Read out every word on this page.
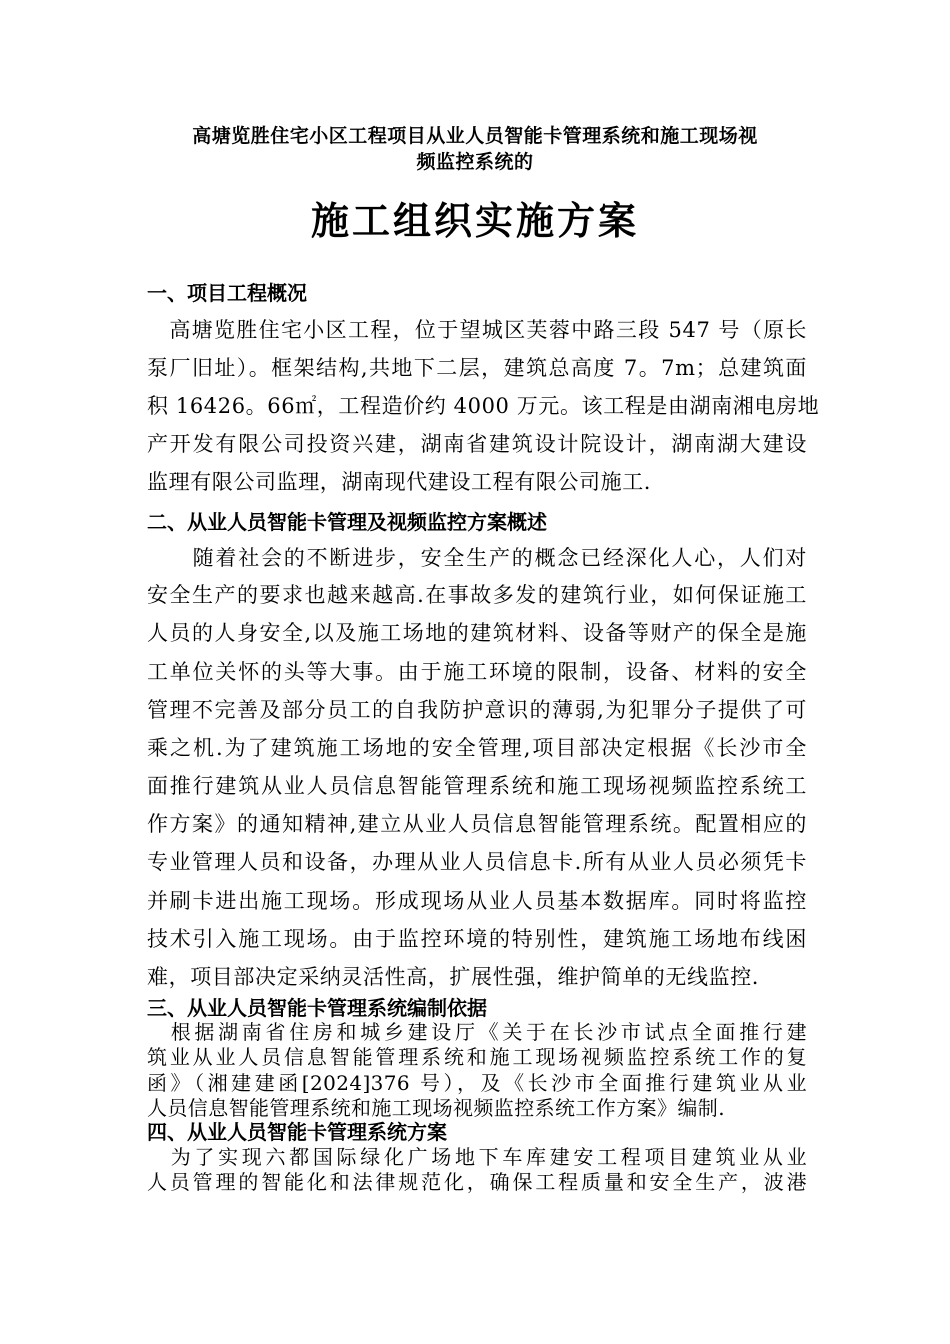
高塘览胜住宅小区工程项目从业人员智能卡管理系统和施工现场视
频监控系统的
施工组织实施方案
一、项目工程概况
　高塘览胜住宅小区工程，位于望城区芙蓉中路三段 547 号（原长
泵厂旧址）。框架结构,共地下二层，建筑总高度 7。7m；总建筑面
积 16426。66㎡，工程造价约 4000 万元。该工程是由湖南湘电房地
产开发有限公司投资兴建，湖南省建筑设计院设计，湖南湖大建设
监理有限公司监理，湖南现代建设工程有限公司施工.
二、从业人员智能卡管理及视频监控方案概述
　　随着社会的不断进步，安全生产的概念已经深化人心，人们对
安全生产的要求也越来越高.在事故多发的建筑行业，如何保证施工
人员的人身安全,以及施工场地的建筑材料、设备等财产的保全是施
工单位关怀的头等大事。由于施工环境的限制，设备、材料的安全
管理不完善及部分员工的自我防护意识的薄弱,为犯罪分子提供了可
乘之机.为了建筑施工场地的安全管理,项目部决定根据《长沙市全
面推行建筑从业人员信息智能管理系统和施工现场视频监控系统工
作方案》的通知精神,建立从业人员信息智能管理系统。配置相应的
专业管理人员和设备，办理从业人员信息卡.所有从业人员必须凭卡
并刷卡进出施工现场。形成现场从业人员基本数据库。同时将监控
技术引入施工现场。由于监控环境的特别性，建筑施工场地布线困
难，项目部决定采纳灵活性高，扩展性强，维护简单的无线监控.
三、从业人员智能卡管理系统编制依据
　根据湖南省住房和城乡建设厅《关于在长沙市试点全面推行建
筑业从业人员信息智能管理系统和施工现场视频监控系统工作的复
函》（湘建建函[2024]376 号），及《长沙市全面推行建筑业从业
人员信息智能管理系统和施工现场视频监控系统工作方案》编制.
四、从业人员智能卡管理系统方案
　为了实现六都国际绿化广场地下车库建安工程项目建筑业从业
人员管理的智能化和法律规范化，确保工程质量和安全生产，波港
